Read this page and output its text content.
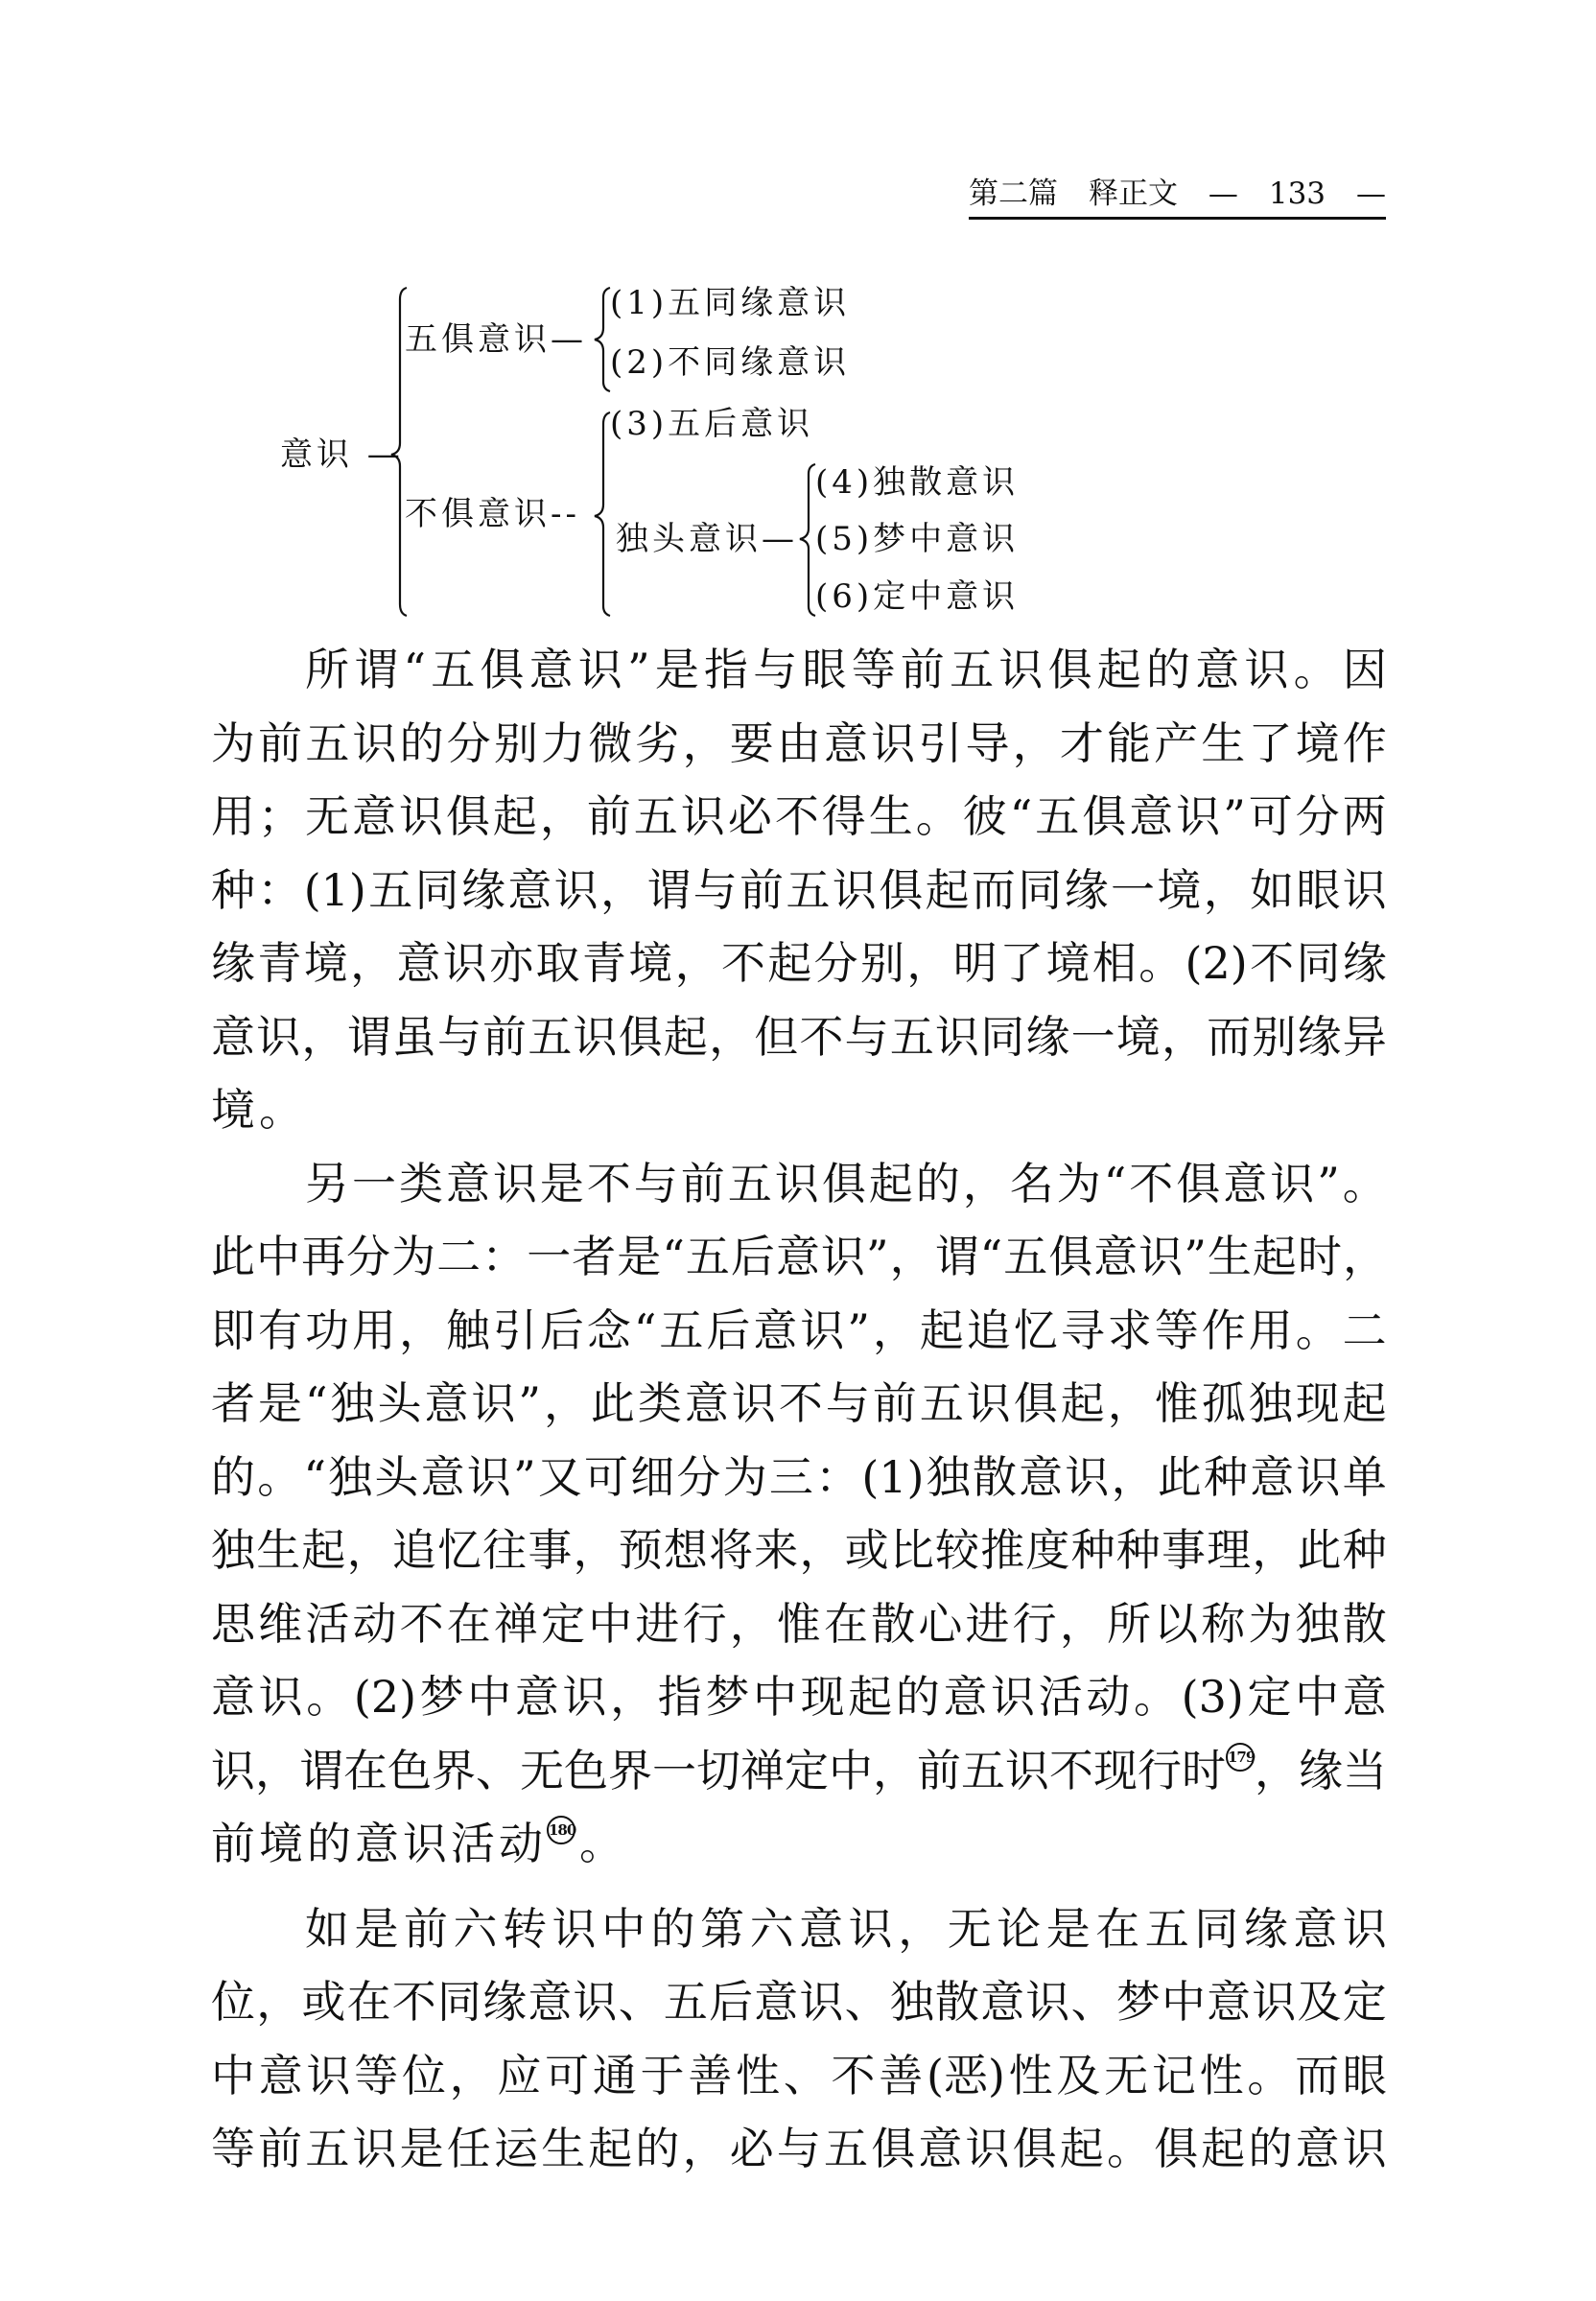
第二篇 释正文 — 133 —
意识 —
五俱意识—
(1)五同缘意识
(2)不同缘意识
不俱意识--
(3)五后意识
独头意识—
(4)独散意识
(5)梦中意识
(6)定中意识
所 谓 “ 五 俱 意 识 ” 是 指 与 眼 等 前 五 识 俱 起 的 意 识 。 因
为 前 五 识 的 分 别 力 微 劣 ， 要 由 意 识 引 导 ， 才 能 产 生 了 境 作
用 ； 无 意 识 俱 起 ， 前 五 识 必 不 得 生 。 彼 “ 五 俱 意 识 ” 可 分 两
种 ： (1) 五 同 缘 意 识 ， 谓 与 前 五 识 俱 起 而 同 缘 一 境 ， 如 眼 识
缘 青 境 ， 意 识 亦 取 青 境 ， 不 起 分 别 ， 明 了 境 相 。 (2) 不 同 缘
意 识 ， 谓 虽 与 前 五 识 俱 起 ， 但 不 与 五 识 同 缘 一 境 ， 而 别 缘 异
境 。
另 一 类 意 识 是 不 与 前 五 识 俱 起 的 ， 名 为 “ 不 俱 意 识 ” 。
此 中 再 分 为 二 ： 一 者 是 “ 五 后 意 识 ” ， 谓 “ 五 俱 意 识 ” 生 起 时 ，
即 有 功 用 ， 触 引 后 念 “ 五 后 意 识 ” ， 起 追 忆 寻 求 等 作 用 。 二
者 是 “ 独 头 意 识 ” ， 此 类 意 识 不 与 前 五 识 俱 起 ， 惟 孤 独 现 起
的 。 “ 独 头 意 识 ” 又 可 细 分 为 三 ： (1) 独 散 意 识 ， 此 种 意 识 单
独 生 起 ， 追 忆 往 事 ， 预 想 将 来 ， 或 比 较 推 度 种 种 事 理 ， 此 种
思 维 活 动 不 在 禅 定 中 进 行 ， 惟 在 散 心 进 行 ， 所 以 称 为 独 散
意 识 。 (2) 梦 中 意 识 ， 指 梦 中 现 起 的 意 识 活 动 。 (3) 定 中 意
识 ， 谓 在 色 界 、 无 色 界 一 切 禅 定 中 ， 前 五 识 不 现 行 时 179 ， 缘 当
前 境 的 意 识 活 动 180 。
如 是 前 六 转 识 中 的 第 六 意 识 ， 无 论 是 在 五 同 缘 意 识
位 ， 或 在 不 同 缘 意 识 、 五 后 意 识 、 独 散 意 识 、 梦 中 意 识 及 定
中 意 识 等 位 ， 应 可 通 于 善 性 、 不 善 (恶) 性 及 无 记 性 。 而 眼
等 前 五 识 是 任 运 生 起 的 ， 必 与 五 俱 意 识 俱 起 。 俱 起 的 意 识
